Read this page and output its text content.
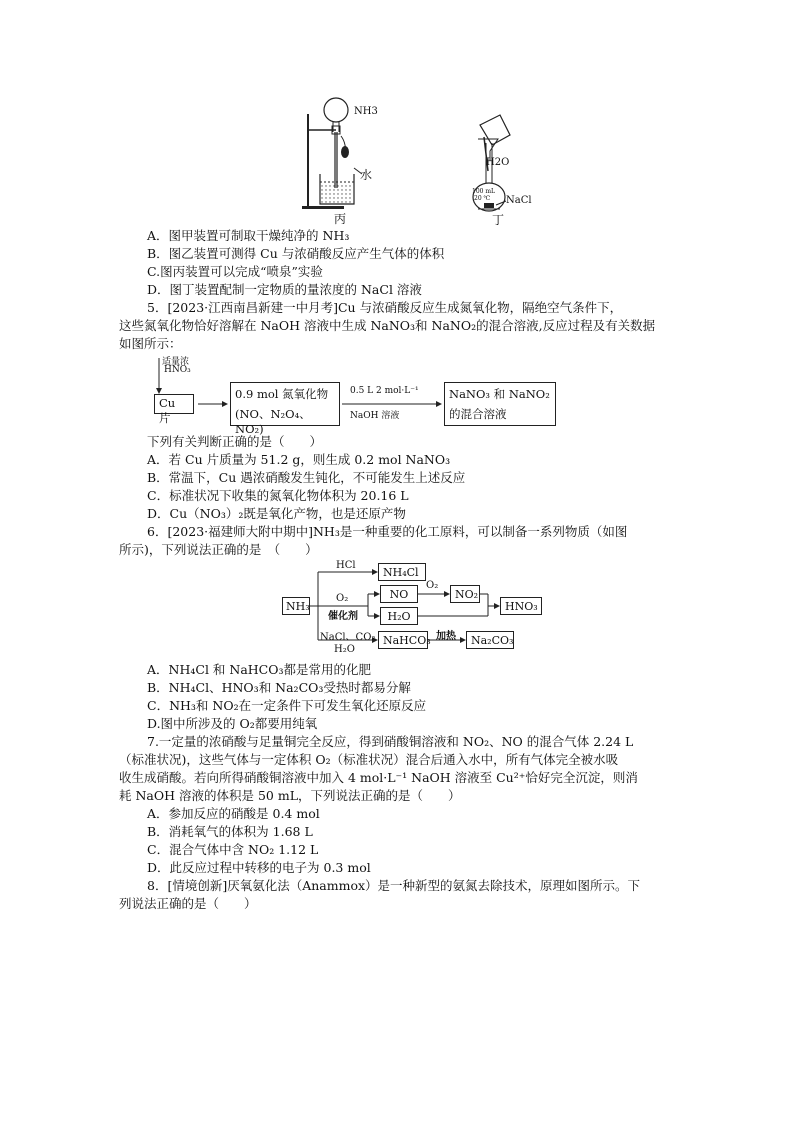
NH3
水
丙
H2O
NaCl
100 mL
20 ℃
丁
A．图甲装置可制取干燥纯净的 NH₃
B．图乙装置可测得 Cu 与浓硝酸反应产生气体的体积
C.图丙装置可以完成“喷泉”实验
D．图丁装置配制一定物质的量浓度的 NaCl 溶液
5．[2023·江西南昌新建一中月考]Cu 与浓硝酸反应生成氮氧化物，隔绝空气条件下，
这些氮氧化物恰好溶解在 NaOH 溶液中生成 NaNO₃和 NaNO₂的混合溶液,反应过程及有关数据
如图所示：
适量浓
HNO₃
Cu 片
0.9 mol 氮氧化物
(NO、N₂O₄、NO₂)
0.5 L 2 mol·L⁻¹
NaOH 溶液
NaNO₃ 和 NaNO₂
的混合溶液
下列有关判断正确的是（　　）
A．若 Cu 片质量为 51.2 g，则生成 0.2 mol NaNO₃
B．常温下，Cu 遇浓硝酸发生钝化，不可能发生上述反应
C．标准状况下收集的氮氧化物体积为 20.16 L
D．Cu（NO₃）₂既是氧化产物，也是还原产物
6．[2023·福建师大附中期中]NH₃是一种重要的化工原料，可以制备一系列物质（如图
所示)，下列说法正确的是　（　　）
NH₃
HCl
NH₄Cl
O₂
催化剂
NO
O₂
NO₂
H₂O
HNO₃
NaCl、CO₂
H₂O
NaHCO₃ 加热	Na₂CO₃
A．NH₄Cl 和 NaHCO₃都是常用的化肥
B．NH₄Cl、HNO₃和 Na₂CO₃受热时都易分解
C．NH₃和 NO₂在一定条件下可发生氧化还原反应
D.图中所涉及的 O₂都要用纯氧
7.一定量的浓硝酸与足量铜完全反应，得到硝酸铜溶液和 NO₂、NO 的混合气体 2.24 L
（标准状况)，这些气体与一定体积 O₂（标准状况）混合后通入水中，所有气体完全被水吸
收生成硝酸。若向所得硝酸铜溶液中加入 4 mol·L⁻¹ NaOH 溶液至 Cu²⁺恰好完全沉淀，则消
耗 NaOH 溶液的体积是 50 mL，下列说法正确的是（　　）
A．参加反应的硝酸是 0.4 mol
B．消耗氧气的体积为 1.68 L
C．混合气体中含 NO₂ 1.12 L
D．此反应过程中转移的电子为 0.3 mol
8．[情境创新]厌氧氨化法（Anammox）是一种新型的氨氮去除技术，原理如图所示。下
列说法正确的是（　　）
